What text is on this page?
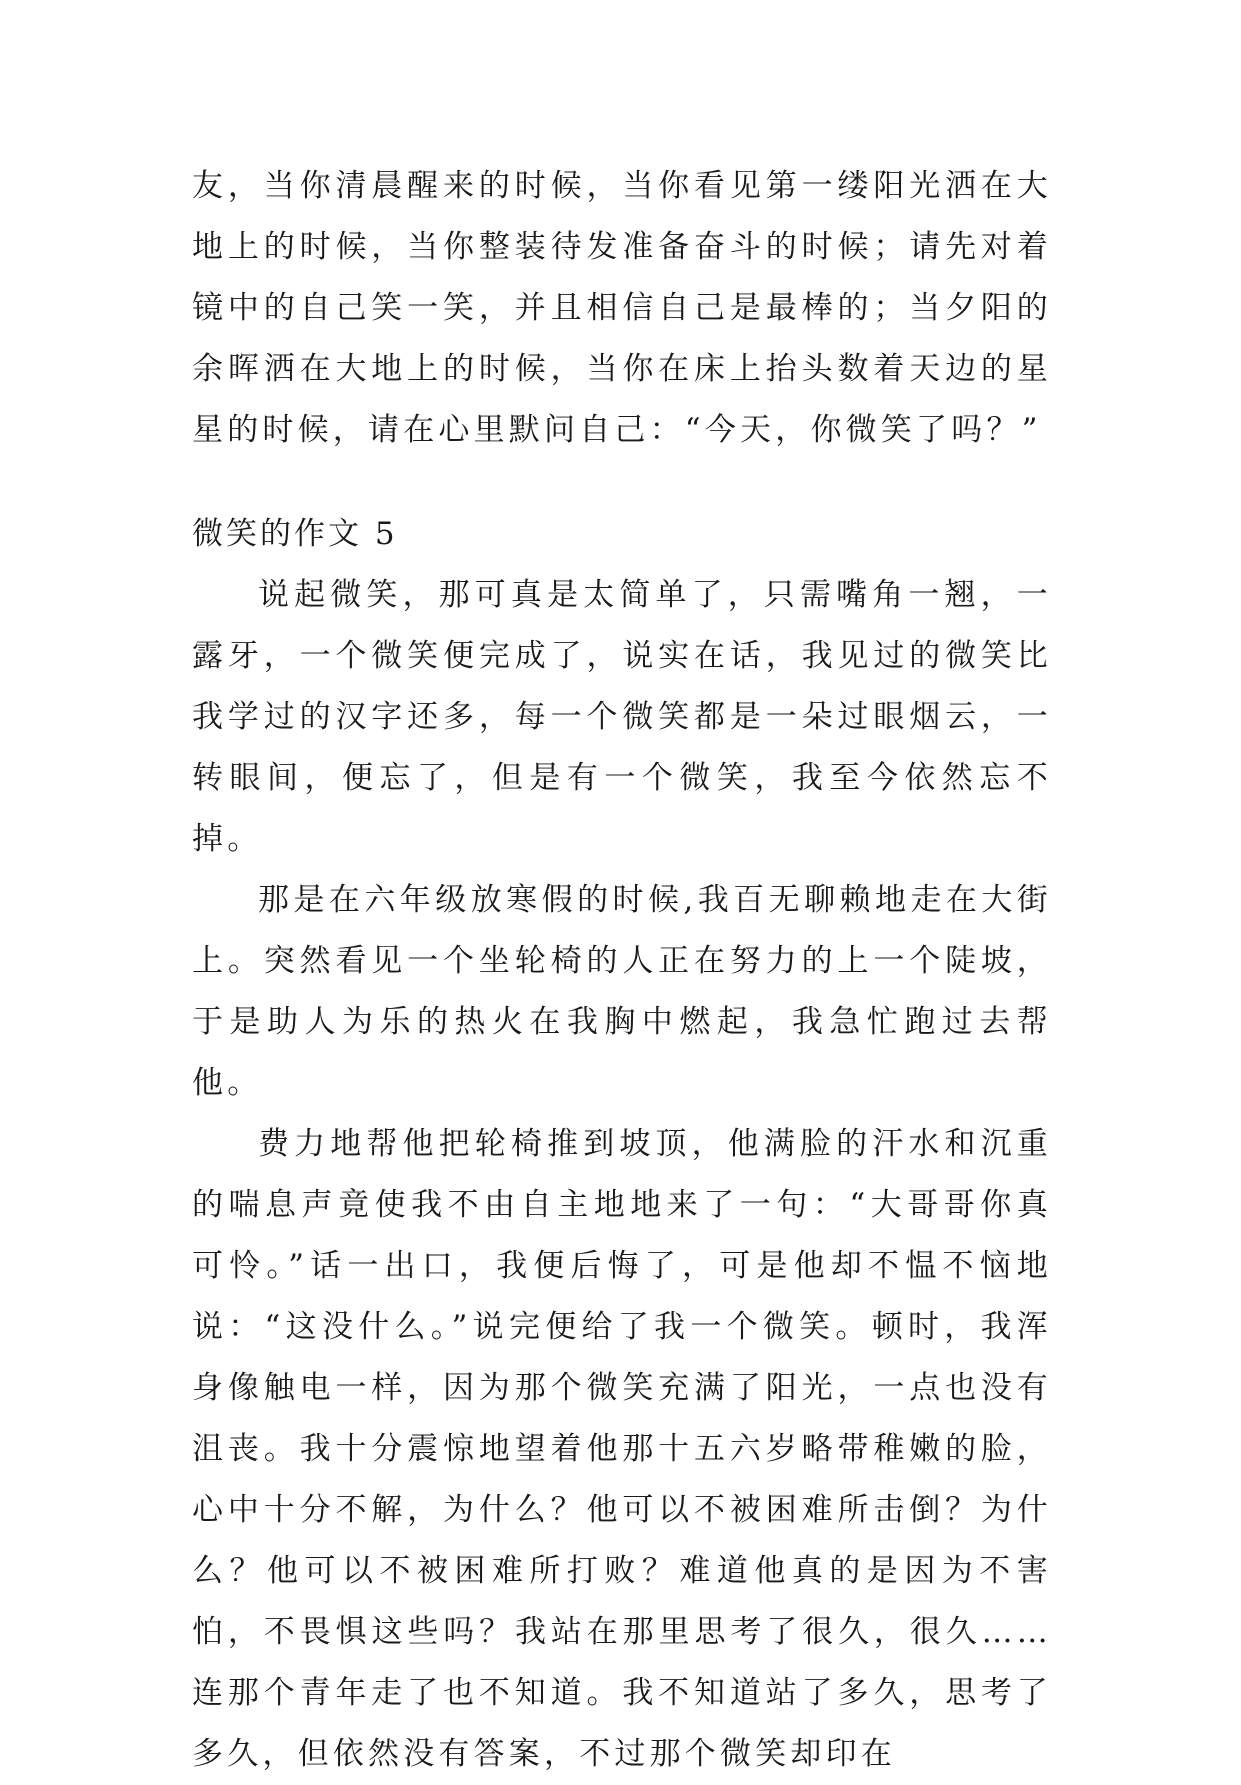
友，当你清晨醒来的时候，当你看见第一缕阳光洒在大地上的时候，当你整装待发准备奋斗的时候；请先对着镜中的自己笑一笑，并且相信自己是最棒的；当夕阳的余晖洒在大地上的时候，当你在床上抬头数着天边的星星的时候，请在心里默问自己：“今天，你微笑了吗？”

微笑的作文 5

说起微笑，那可真是太简单了，只需嘴角一翘，一露牙，一个微笑便完成了，说实在话，我见过的微笑比我学过的汉字还多，每一个微笑都是一朵过眼烟云，一转眼间，便忘了，但是有一个微笑，我至今依然忘不掉。

那是在六年级放寒假的时候,我百无聊赖地走在大街上。突然看见一个坐轮椅的人正在努力的上一个陡坡，于是助人为乐的热火在我胸中燃起，我急忙跑过去帮他。

费力地帮他把轮椅推到坡顶，他满脸的汗水和沉重的喘息声竟使我不由自主地地来了一句：“大哥哥你真可怜。”话一出口，我便后悔了，可是他却不愠不恼地说：“这没什么。”说完便给了我一个微笑。顿时，我浑身像触电一样，因为那个微笑充满了阳光，一点也没有沮丧。我十分震惊地望着他那十五六岁略带稚嫩的脸，心中十分不解，为什么？他可以不被困难所击倒？为什么？他可以不被困难所打败？难道他真的是因为不害怕，不畏惧这些吗？我站在那里思考了很久，很久……连那个青年走了也不知道。我不知道站了多久，思考了多久，但依然没有答案，不过那个微笑却印在
